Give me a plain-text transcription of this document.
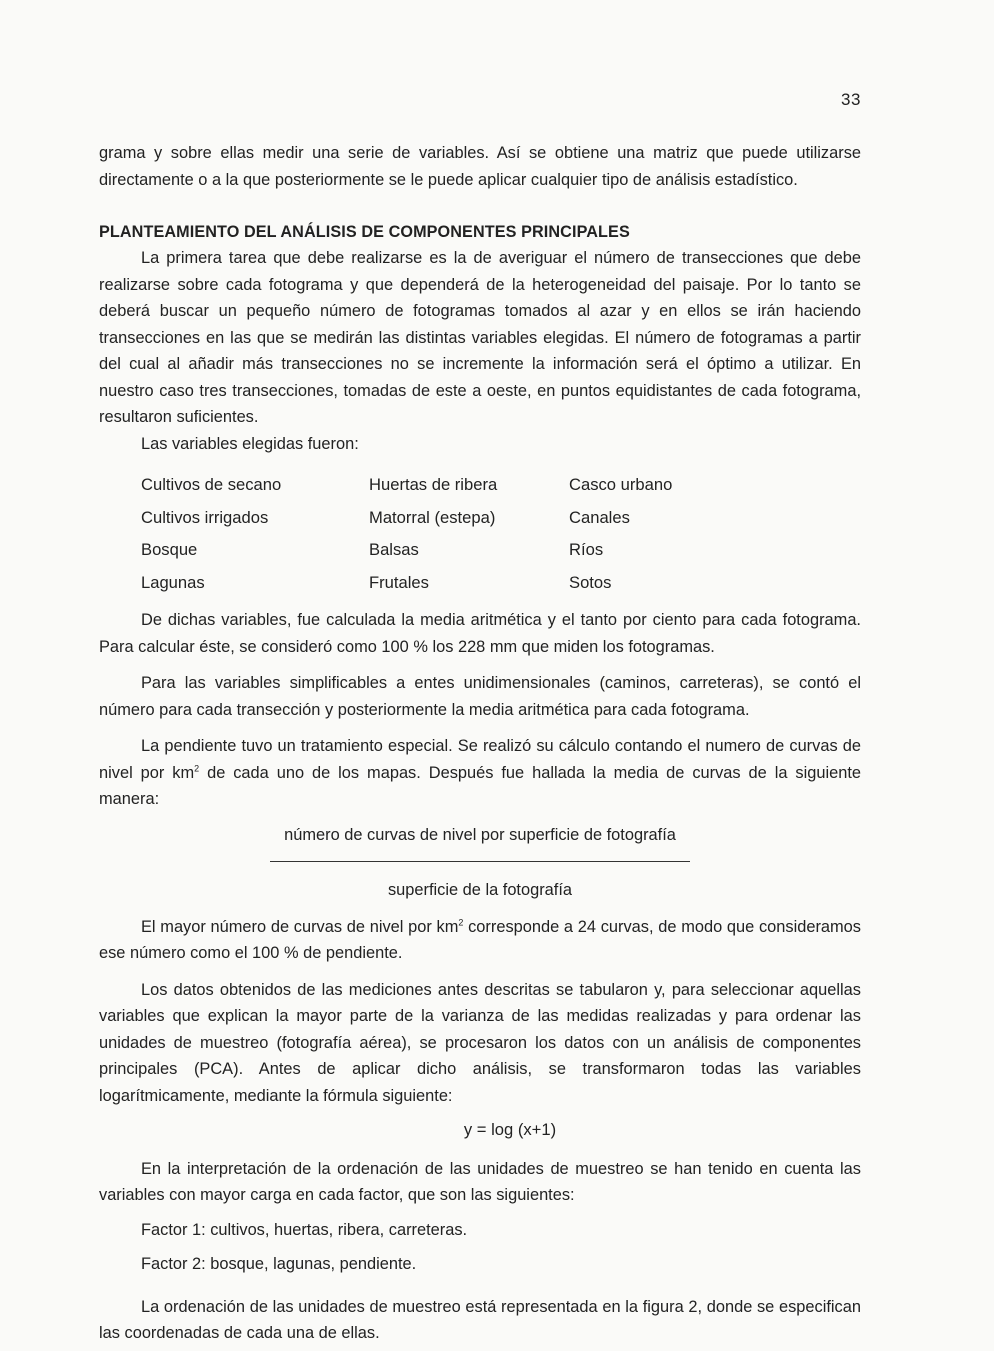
33

grama y sobre ellas medir una serie de variables. Así se obtiene una matriz que puede utilizarse directamente o a la que posteriormente se le puede aplicar cualquier tipo de análisis estadístico.

PLANTEAMIENTO DEL ANÁLISIS DE COMPONENTES PRINCIPALES

La primera tarea que debe realizarse es la de averiguar el número de transecciones que debe realizarse sobre cada fotograma y que dependerá de la heterogeneidad del paisaje. Por lo tanto se deberá buscar un pequeño número de fotogramas tomados al azar y en ellos se irán haciendo transecciones en las que se medirán las distintas variables elegidas. El número de fotogramas a partir del cual al añadir más transecciones no se incremente la información será el óptimo a utilizar. En nuestro caso tres transecciones, tomadas de este a oeste, en puntos equidistantes de cada fotograma, resultaron suficientes.

Las variables elegidas fueron:

Cultivos de secano	Huertas de ribera	Casco urbano
Cultivos irrigados	Matorral (estepa)	Canales
Bosque	Balsas	Ríos
Lagunas	Frutales	Sotos

De dichas variables, fue calculada la media aritmética y el tanto por ciento para cada fotograma. Para calcular éste, se consideró como 100 % los 228 mm que miden los fotogramas.

Para las variables simplificables a entes unidimensionales (caminos, carreteras), se contó el número para cada transección y posteriormente la media aritmética para cada fotograma.

La pendiente tuvo un tratamiento especial. Se realizó su cálculo contando el numero de curvas de nivel por $km^2$ de cada uno de los mapas. Después fue hallada la media de curvas de la siguiente manera:

número de curvas de nivel por superficie de fotografía
superficie de la fotografía

El mayor número de curvas de nivel por $km^2$ corresponde a 24 curvas, de modo que consideramos ese número como el 100 % de pendiente.

Los datos obtenidos de las mediciones antes descritas se tabularon y, para seleccionar aquellas variables que explican la mayor parte de la varianza de las medidas realizadas y para ordenar las unidades de muestreo (fotografía aérea), se procesaron los datos con un análisis de componentes principales (PCA). Antes de aplicar dicho análisis, se transformaron todas las variables logarítmicamente, mediante la fórmula siguiente:

y = log (x+1)

En la interpretación de la ordenación de las unidades de muestreo se han tenido en cuenta las variables con mayor carga en cada factor, que son las siguientes:

Factor 1: cultivos, huertas, ribera, carreteras.

Factor 2: bosque, lagunas, pendiente.

La ordenación de las unidades de muestreo está representada en la figura 2, donde se especifican las coordenadas de cada una de ellas.
